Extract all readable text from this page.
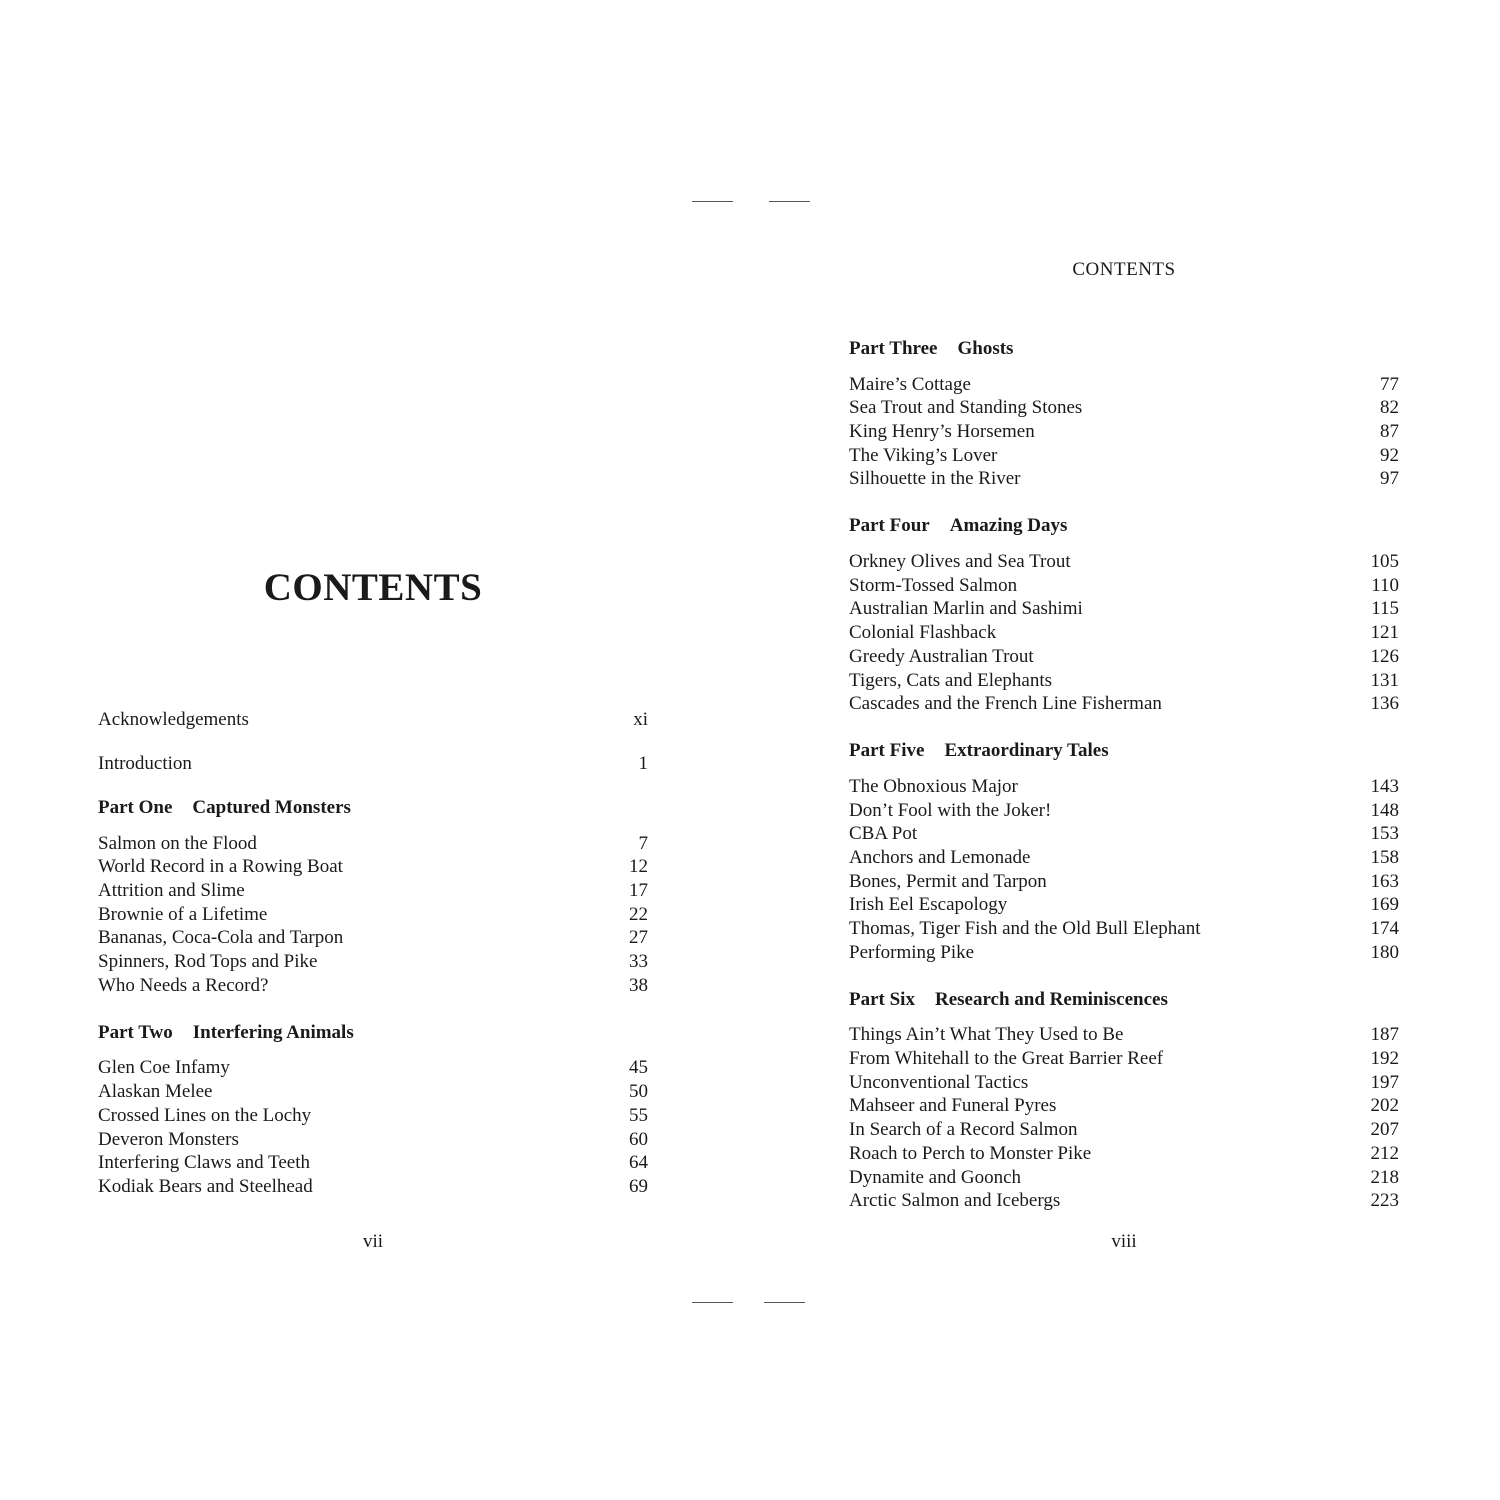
CONTENTS
Acknowledgements	xi
Introduction	1
Part One Captured Monsters
Salmon on the Flood	7
World Record in a Rowing Boat	12
Attrition and Slime	17
Brownie of a Lifetime	22
Bananas, Coca-Cola and Tarpon	27
Spinners, Rod Tops and Pike	33
Who Needs a Record?	38
Part Two Interfering Animals
Glen Coe Infamy	45
Alaskan Melee	50
Crossed Lines on the Lochy	55
Deveron Monsters	60
Interfering Claws and Teeth	64
Kodiak Bears and Steelhead	69
vii
CONTENTS
Part Three Ghosts
Maire’s Cottage	77
Sea Trout and Standing Stones	82
King Henry’s Horsemen	87
The Viking’s Lover	92
Silhouette in the River	97
Part Four Amazing Days
Orkney Olives and Sea Trout	105
Storm-Tossed Salmon	110
Australian Marlin and Sashimi	115
Colonial Flashback	121
Greedy Australian Trout	126
Tigers, Cats and Elephants	131
Cascades and the French Line Fisherman	136
Part Five Extraordinary Tales
The Obnoxious Major	143
Don’t Fool with the Joker!	148
CBA Pot	153
Anchors and Lemonade	158
Bones, Permit and Tarpon	163
Irish Eel Escapology	169
Thomas, Tiger Fish and the Old Bull Elephant	174
Performing Pike	180
Part Six Research and Reminiscences
Things Ain’t What They Used to Be	187
From Whitehall to the Great Barrier Reef	192
Unconventional Tactics	197
Mahseer and Funeral Pyres	202
In Search of a Record Salmon	207
Roach to Perch to Monster Pike	212
Dynamite and Goonch	218
Arctic Salmon and Icebergs	223
viii
